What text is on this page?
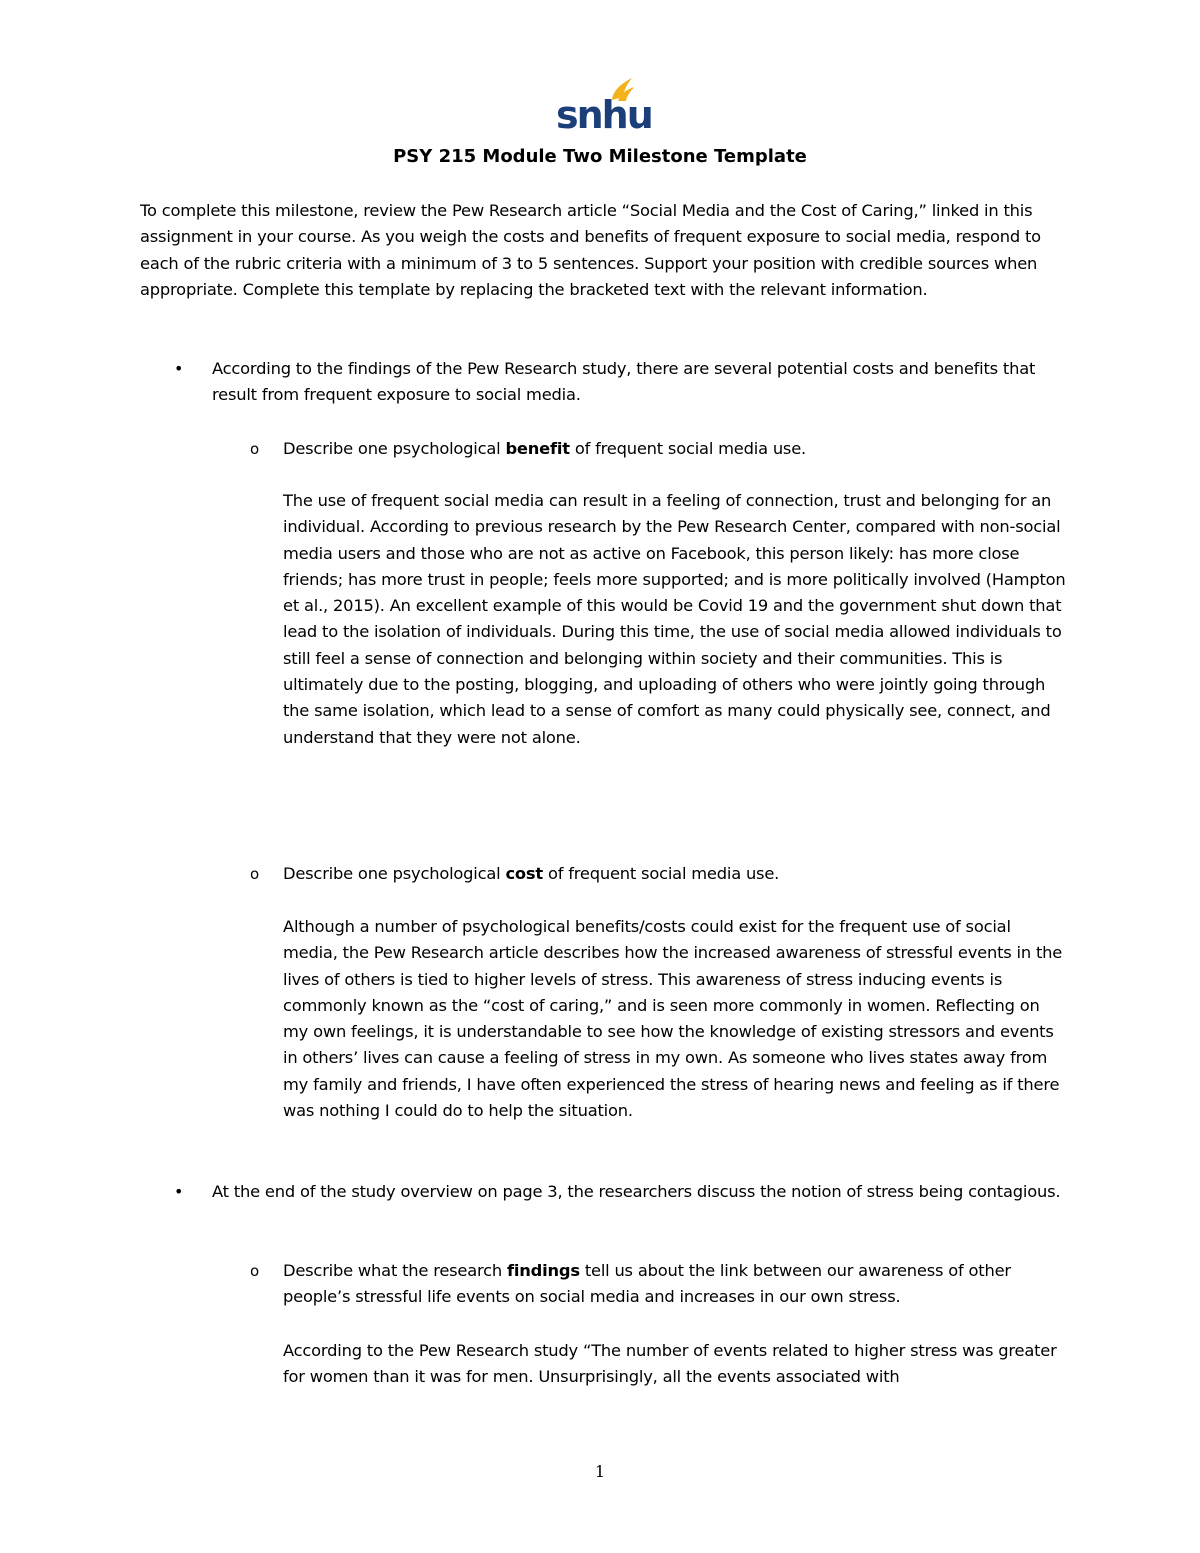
snhu
PSY 215 Module Two Milestone Template
To complete this milestone, review the Pew Research article “Social Media and the Cost of Caring,” linked in this assignment in your course. As you weigh the costs and benefits of frequent exposure to social media, respond to each of the rubric criteria with a minimum of 3 to 5 sentences. Support your position with credible sources when appropriate. Complete this template by replacing the bracketed text with the relevant information.
• According to the findings of the Pew Research study, there are several potential costs and benefits that result from frequent exposure to social media.
o Describe one psychological benefit of frequent social media use.
The use of frequent social media can result in a feeling of connection, trust and belonging for an individual. According to previous research by the Pew Research Center, compared with non-social media users and those who are not as active on Facebook, this person likely: has more close friends; has more trust in people; feels more supported; and is more politically involved (Hampton et al., 2015). An excellent example of this would be Covid 19 and the government shut down that lead to the isolation of individuals. During this time, the use of social media allowed individuals to still feel a sense of connection and belonging within society and their communities. This is ultimately due to the posting, blogging, and uploading of others who were jointly going through the same isolation, which lead to a sense of comfort as many could physically see, connect, and understand that they were not alone.
o Describe one psychological cost of frequent social media use.
Although a number of psychological benefits/costs could exist for the frequent use of social media, the Pew Research article describes how the increased awareness of stressful events in the lives of others is tied to higher levels of stress. This awareness of stress inducing events is commonly known as the “cost of caring,” and is seen more commonly in women. Reflecting on my own feelings, it is understandable to see how the knowledge of existing stressors and events in others’ lives can cause a feeling of stress in my own. As someone who lives states away from my family and friends, I have often experienced the stress of hearing news and feeling as if there was nothing I could do to help the situation.
• At the end of the study overview on page 3, the researchers discuss the notion of stress being contagious.
o Describe what the research findings tell us about the link between our awareness of other people’s stressful life events on social media and increases in our own stress.
According to the Pew Research study “The number of events related to higher stress was greater for women than it was for men. Unsurprisingly, all the events associated with
1
